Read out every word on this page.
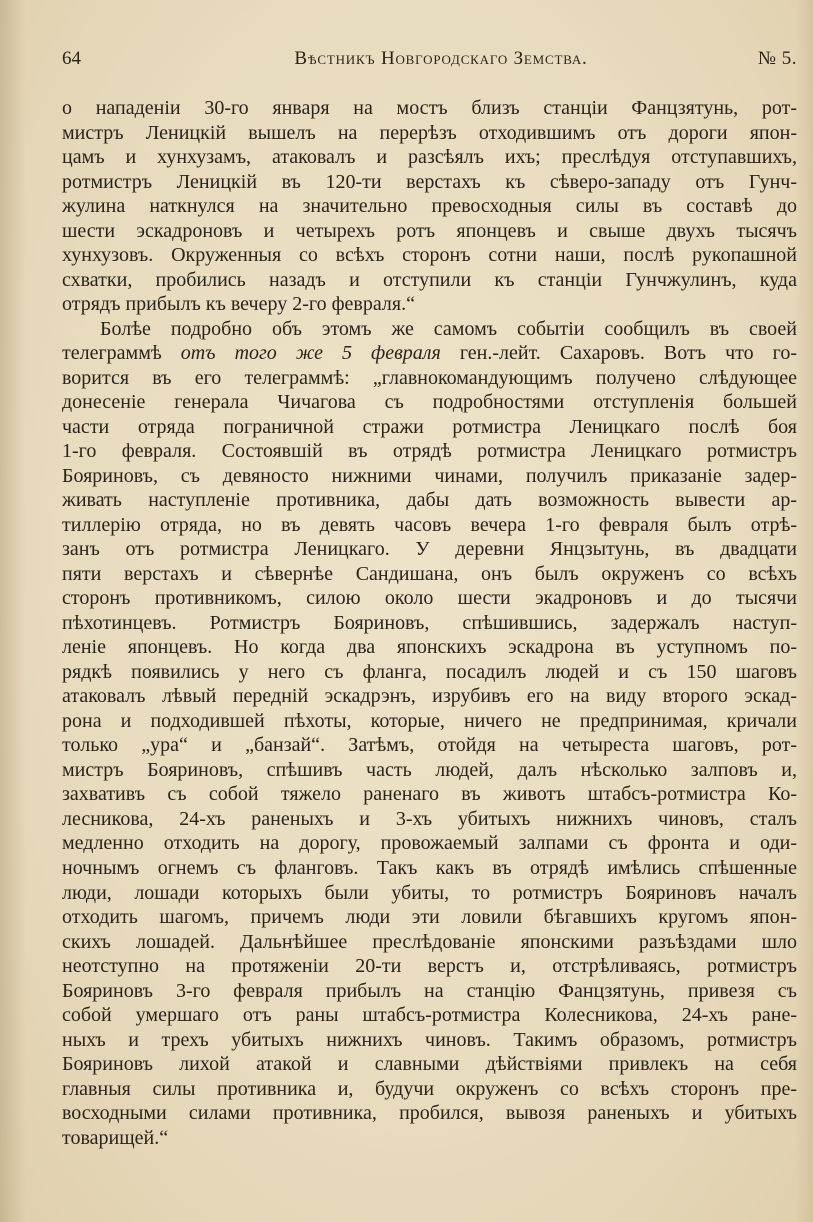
64	Вѣстникъ Новгородскаго Земства.	№ 5.
о нападеніи 30-го января на мостъ близъ станціи Фанцзятунь, рот-
мистръ Леницкій вышелъ на перерѣзъ отходившимъ отъ дороги япон-
цамъ и хунхузамъ, атаковалъ и разсѣялъ ихъ; преслѣдуя отступавшихъ,
ротмистръ Леницкій въ 120-ти верстахъ къ сѣверо-западу отъ Гунч-
жулина наткнулся на значительно превосходныя силы въ составѣ до
шести эскадроновъ и четырехъ ротъ японцевъ и свыше двухъ тысячъ
хунхузовъ. Окруженныя со всѣхъ сторонъ сотни наши, послѣ рукопашной
схватки, пробились назадъ и отступили къ станціи Гунчжулинъ, куда
отрядъ прибылъ къ вечеру 2-го февраля.“
Болѣе подробно объ этомъ же самомъ событіи сообщилъ въ своей
телеграммѣ отъ того же 5 февраля ген.-лейт. Сахаровъ. Вотъ что го-
ворится въ его телеграммѣ: „главнокомандующимъ получено слѣдующее
донесеніе генерала Чичагова съ подробностями отступленія большей
части отряда пограничной стражи ротмистра Леницкаго послѣ боя
1-го февраля. Состоявшій въ отрядѣ ротмистра Леницкаго ротмистръ
Бояриновъ, съ девяносто нижними чинами, получилъ приказаніе задер-
живать наступленіе противника, дабы дать возможность вывести ар-
тиллерію отряда, но въ девять часовъ вечера 1-го февраля былъ отрѣ-
занъ отъ ротмистра Леницкаго. У деревни Янцзытунь, въ двадцати
пяти верстахъ и сѣвернѣе Сандишана, онъ былъ окруженъ со всѣхъ
сторонъ противникомъ, силою около шести экадроновъ и до тысячи
пѣхотинцевъ. Ротмистръ Бояриновъ, спѣшившись, задержалъ наступ-
леніе японцевъ. Но когда два японскихъ эскадрона въ уступномъ по-
рядкѣ появились у него съ фланга, посадилъ людей и съ 150 шаговъ
атаковалъ лѣвый передній эскадрэнъ, изрубивъ его на виду второго эскад-
рона и подходившей пѣхоты, которые, ничего не предпринимая, кричали
только „ура“ и „банзай“. Затѣмъ, отойдя на четыреста шаговъ, рот-
мистръ Бояриновъ, спѣшивъ часть людей, далъ нѣсколько залповъ и,
захвативъ съ собой тяжело раненаго въ животъ штабсъ-ротмистра Ко-
лесникова, 24-хъ раненыхъ и 3-хъ убитыхъ нижнихъ чиновъ, сталъ
медленно отходить на дорогу, провожаемый залпами съ фронта и оди-
ночнымъ огнемъ съ фланговъ. Такъ какъ въ отрядѣ имѣлись спѣшенные
люди, лошади которыхъ были убиты, то ротмистръ Бояриновъ началъ
отходить шагомъ, причемъ люди эти ловили бѣгавшихъ кругомъ япон-
скихъ лошадей. Дальнѣйшее преслѣдованіе японскими разъѣздами шло
неотступно на протяженіи 20-ти верстъ и, отстрѣливаясь, ротмистръ
Бояриновъ 3-го февраля прибылъ на станцію Фанцзятунь, привезя съ
собой умершаго отъ раны штабсъ-ротмистра Колесникова, 24-хъ ране-
ныхъ и трехъ убитыхъ нижнихъ чиновъ. Такимъ образомъ, ротмистръ
Бояриновъ лихой атакой и славными дѣйствіями привлекъ на себя
главныя силы противника и, будучи окруженъ со всѣхъ сторонъ пре-
восходными силами противника, пробился, вывозя раненыхъ и убитыхъ
товарищей.“
